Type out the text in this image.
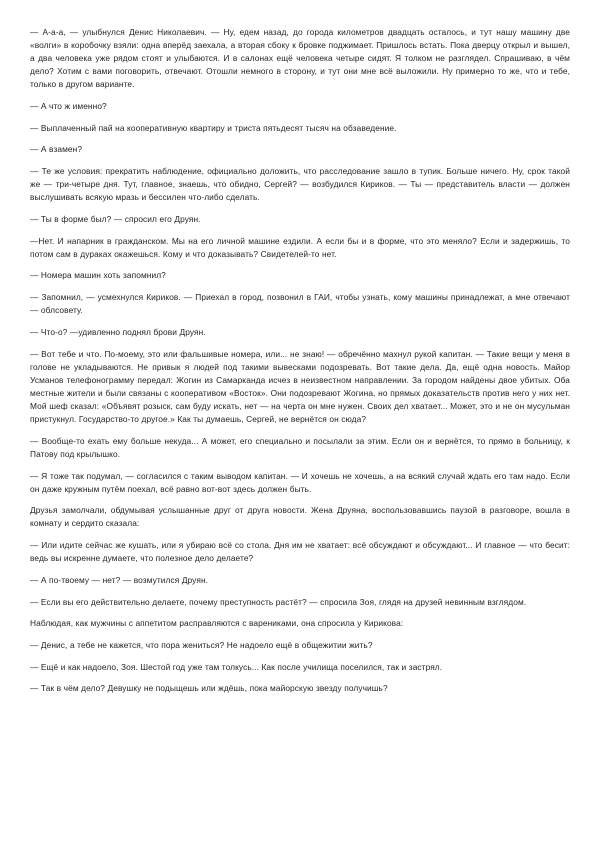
— А-а-а, — улыбнулся Денис Николаевич. — Ну, едем назад, до города километров двадцать осталось, и тут нашу машину две «волги» в коробочку взяли: одна вперёд заехала, а вторая сбоку к бровке поджимает. Пришлось встать. Пока дверцу открыл и вышел, а два человека уже рядом стоят и улыбаются. И в салонах ещё человека четыре сидят. Я толком не разглядел. Спрашиваю, в чём дело? Хотим с вами поговорить, отвечают. Отошли немного в сторону, и тут они мне всё выложили. Ну примерно то же, что и тебе, только в другом варианте.

— А что ж именно?

— Выплаченный пай на кооперативную квартиру и триста пятьдесят тысяч на обзаведение.

— А взамен?

— Те же условия: прекратить наблюдение, официально доложить, что расследование зашло в тупик. Больше ничего. Ну, срок такой же — три-четыре дня. Тут, главное, знаешь, что обидно, Сергей? — возбудился Кириков. — Ты — представитель власти — должен выслушивать всякую мразь и бессилен что-либо сделать.

— Ты в форме был? — спросил его Друян.

—Нет. И напарник в гражданском. Мы на его личной машине ездили. А если бы и в форме, что это меняло? Если и задержишь, то потом сам в дураках окажешься. Кому и что доказывать? Свидетелей-то нет.

— Номера машин хоть запомнил?

— Запомнил, — усмехнулся Кириков. — Приехал в город, позвонил в ГАИ, чтобы узнать, кому машины принадлежат, а мне отвечают — облсовету.

— Что-о? —удивленно поднял брови Друян.

— Вот тебе и что. По-моему, это или фальшивые номера, или... не знаю! — обречённо махнул рукой капитан. — Такие вещи у меня в голове не укладываются. Не привык я людей под такими вывесками подозревать. Вот такие дела. Да, ещё одна новость. Майор Усманов телефонограмму передал: Жогин из Самарканда исчез в неизвестном направлении. За городом найдены двое убитых. Оба местные жители и были связаны с кооперативом «Восток». Они подозревают Жогина, но прямых доказательств против него у них нет. Мой шеф сказал: «Объявят розыск, сам буду искать, нет — на черта он мне нужен. Своих дел хватает... Может, это и не он мусульман пристукнул. Государство-то другое.» Как ты думаешь, Сергей, не вернётся он сюда?

— Вообще-то ехать ему больше некуда... А может, его специально и посылали за этим. Если он и вернётся, то прямо в больницу, к Патову под крылышко.

— Я тоже так подумал, — согласился с таким выводом капитан. — И хочешь не хочешь, а на всякий случай ждать его там надо. Если он даже кружным путём поехал, всё равно вот-вот здесь должен быть.

Друзья замолчали, обдумывая услышанные друг от друга новости. Жена Друяна, воспользовавшись паузой в разговоре, вошла в комнату и сердито сказала:

— Или идите сейчас же кушать, или я убираю всё со стола. Дня им не хватает: всё обсуждают и обсуждают... И главное — что бесит: ведь вы искренне думаете, что полезное дело делаете?

— А по-твоему — нет? — возмутился Друян.

— Если вы его действительно делаете, почему преступность растёт? — спросила Зоя, глядя на друзей невинным взглядом.

Наблюдая, как мужчины с аппетитом расправляются с варениками, она спросила у Кирикова:

— Денис, а тебе не кажется, что пора жениться? Не надоело ещё в общежитии жить?

— Ещё и как надоело, Зоя. Шестой год уже там толкусь... Как после училища поселился, так и застрял.

— Так в чём дело? Девушку не подыщешь или ждёшь, пока майорскую звезду получишь?
